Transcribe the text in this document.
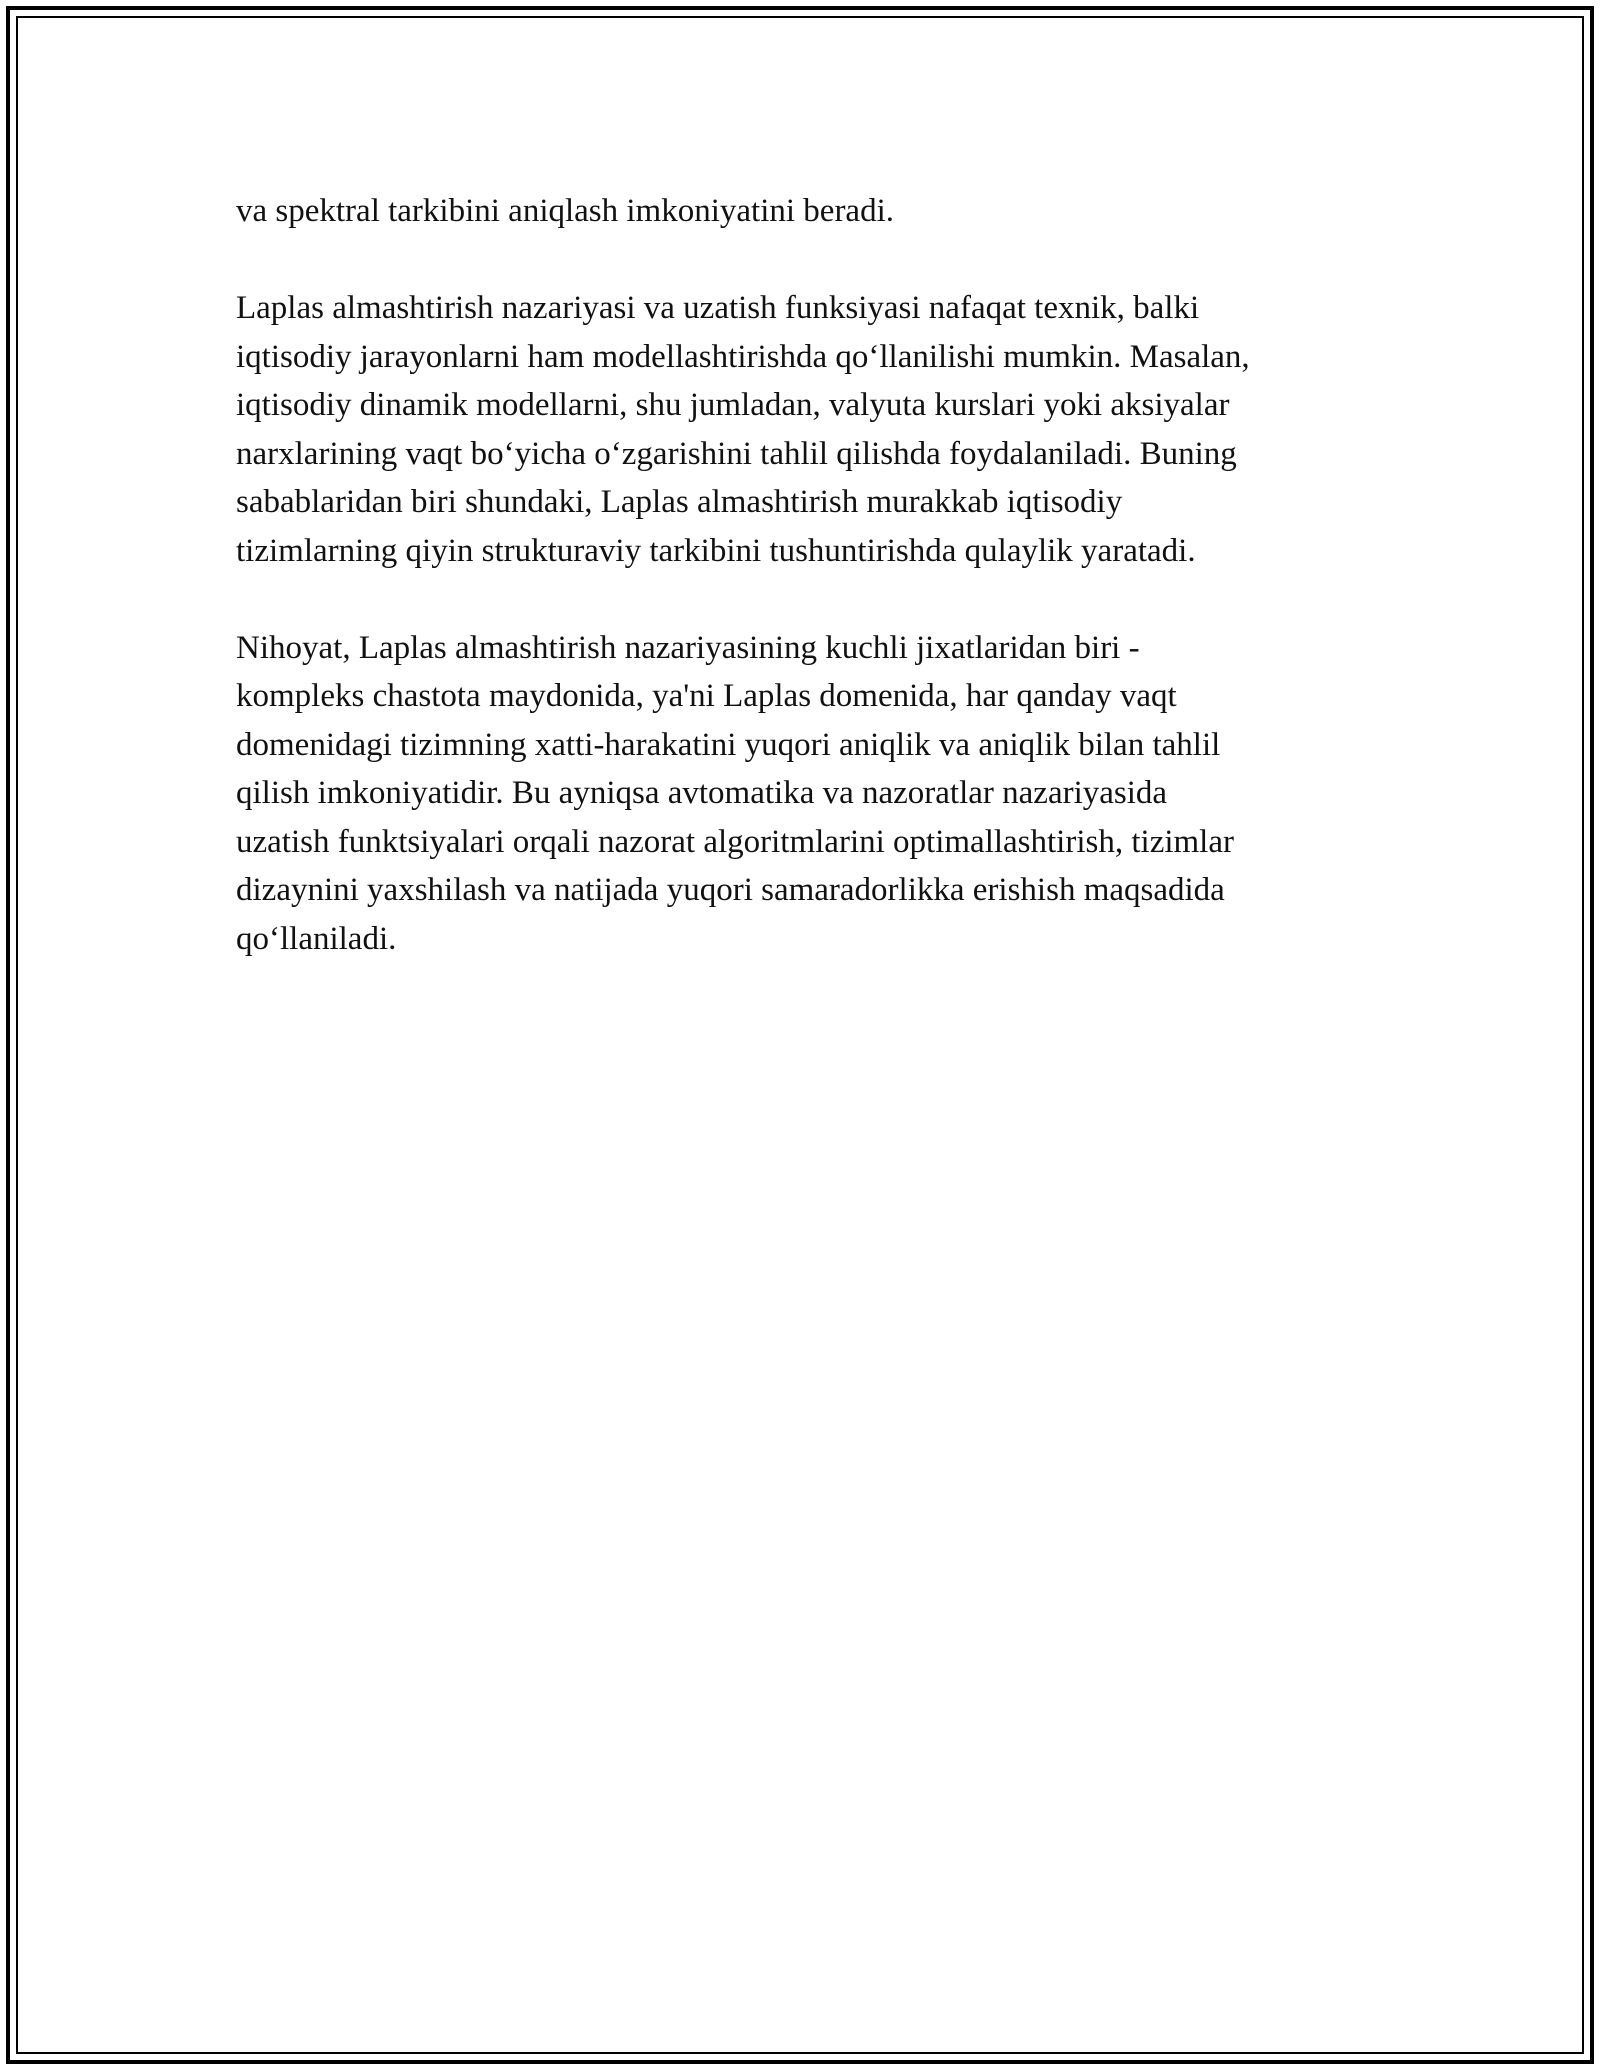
va spektral tarkibini aniqlash imkoniyatini beradi.
Laplas almashtirish nazariyasi va uzatish funksiyasi nafaqat texnik, balki
iqtisodiy jarayonlarni ham modellashtirishda qo‘llanilishi mumkin. Masalan,
iqtisodiy dinamik modellarni, shu jumladan, valyuta kurslari yoki aksiyalar
narxlarining vaqt bo‘yicha o‘zgarishini tahlil qilishda foydalaniladi. Buning
sabablaridan biri shundaki, Laplas almashtirish murakkab iqtisodiy
tizimlarning qiyin strukturaviy tarkibini tushuntirishda qulaylik yaratadi.
Nihoyat, Laplas almashtirish nazariyasining kuchli jixatlaridan biri -
kompleks chastota maydonida, ya'ni Laplas domenida, har qanday vaqt
domenidagi tizimning xatti-harakatini yuqori aniqlik va aniqlik bilan tahlil
qilish imkoniyatidir. Bu ayniqsa avtomatika va nazoratlar nazariyasida
uzatish funktsiyalari orqali nazorat algoritmlarini optimallashtirish, tizimlar
dizaynini yaxshilash va natijada yuqori samaradorlikka erishish maqsadida
qo‘llaniladi.
